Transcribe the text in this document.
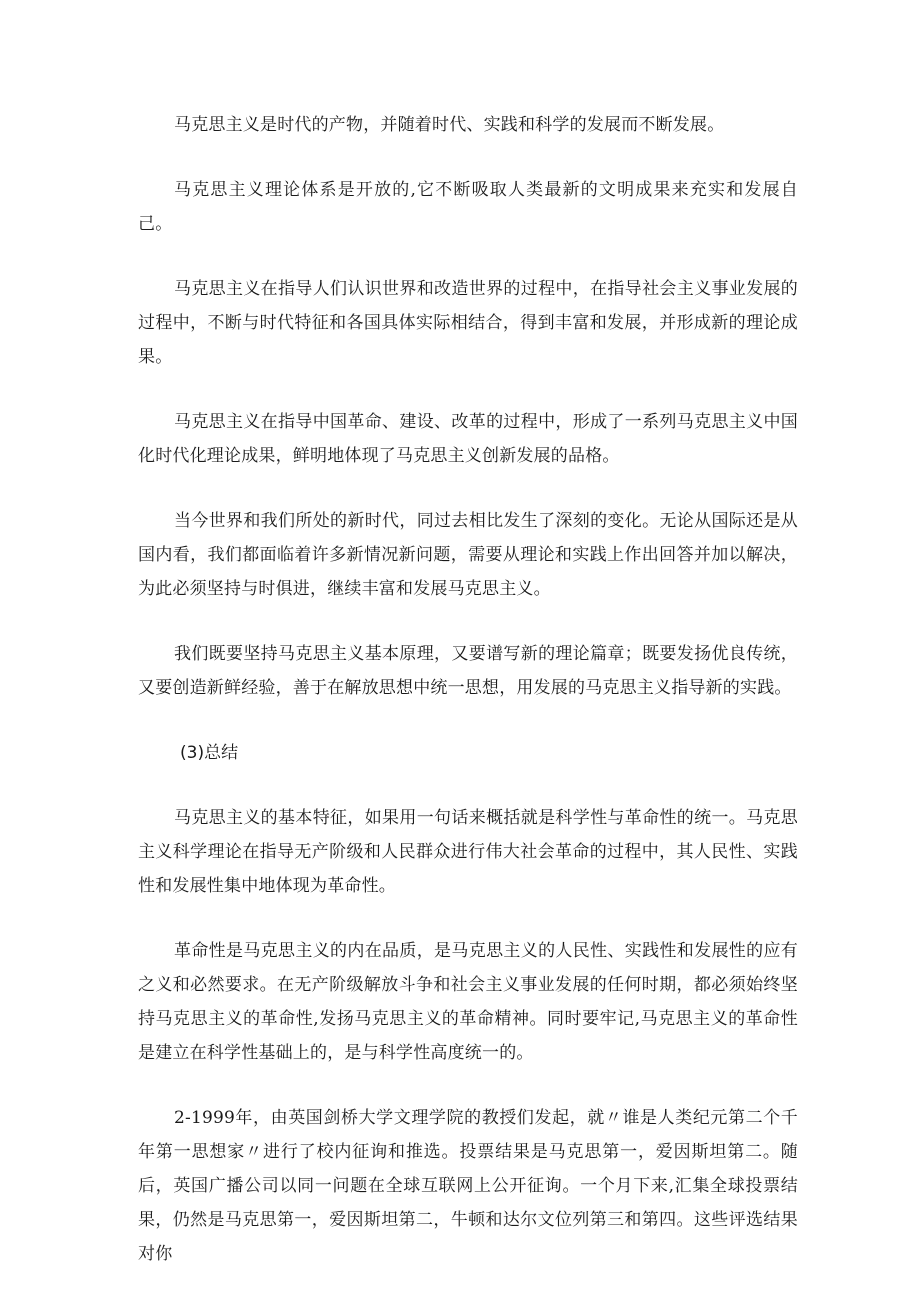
马克思主义是时代的产物，并随着时代、实践和科学的发展而不断发展。

马克思主义理论体系是开放的,它不断吸取人类最新的文明成果来充实和发展自己。

马克思主义在指导人们认识世界和改造世界的过程中，在指导社会主义事业发展的过程中，不断与时代特征和各国具体实际相结合，得到丰富和发展，并形成新的理论成果。

马克思主义在指导中国革命、建设、改革的过程中，形成了一系列马克思主义中国化时代化理论成果，鲜明地体现了马克思主义创新发展的品格。

当今世界和我们所处的新时代，同过去相比发生了深刻的变化。无论从国际还是从国内看，我们都面临着许多新情况新问题，需要从理论和实践上作出回答并加以解决，为此必须坚持与时俱进，继续丰富和发展马克思主义。

我们既要坚持马克思主义基本原理，又要谱写新的理论篇章；既要发扬优良传统，又要创造新鲜经验，善于在解放思想中统一思想，用发展的马克思主义指导新的实践。

(3)总结

马克思主义的基本特征，如果用一句话来概括就是科学性与革命性的统一。马克思主义科学理论在指导无产阶级和人民群众进行伟大社会革命的过程中，其人民性、实践性和发展性集中地体现为革命性。

革命性是马克思主义的内在品质，是马克思主义的人民性、实践性和发展性的应有之义和必然要求。在无产阶级解放斗争和社会主义事业发展的任何时期，都必须始终坚持马克思主义的革命性,发扬马克思主义的革命精神。同时要牢记,马克思主义的革命性是建立在科学性基础上的，是与科学性高度统一的。

2-1999年，由英国剑桥大学文理学院的教授们发起，就〃谁是人类纪元第二个千年第一思想家〃进行了校内征询和推选。投票结果是马克思第一，爱因斯坦第二。随后，英国广播公司以同一问题在全球互联网上公开征询。一个月下来,汇集全球投票结果，仍然是马克思第一，爱因斯坦第二，牛顿和达尔文位列第三和第四。这些评选结果对你
